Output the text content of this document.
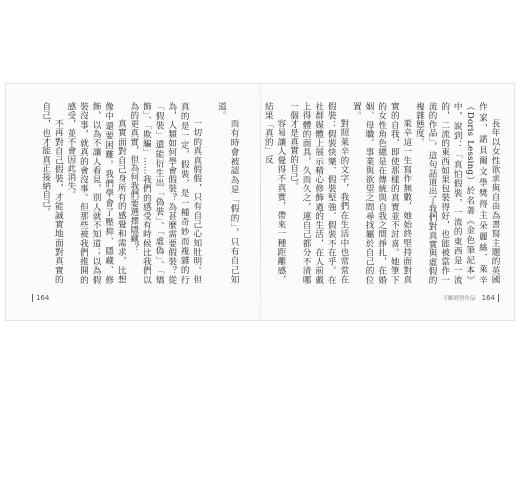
而有時會被認為是「假的」，只有自己知道。

一切的真真假假，只有自己心知肚明。但真的是一定，假裝，是一種奇妙而複雜的行為，人類如何學會假裝？為甚麼需要假裝？從「假裝」還能衍生出「偽裝」、「虛偽」、「矯飾」、「欺騙」……我們的感受有時候比我們以為的更真實，但為何我們要選擇隱藏？

真實面對自己身所有的感覺和需求，比想像中還要困難。我們學會了壓抑、隱藏、修飾，以為不讓人看見，別人就不知道；以為假裝沒事，就真的會沒事。但那些被我們推開的感受，並不會因此消失。

不再對自己假裝，才能誠實地面對真實的自己，也才能真正接納自己。

164

長年以女性欲求與自由為書寫主題的英國作家，諾貝爾文學獎得主朵麗絲．萊辛（Doris Lessing）於名著《金色筆記本》中，說到：「真怕假裝，一流的東西是一流的，二流的東西如果包裝得好，也能被當作一流的作品」，這句話道出了我們對真實與虛假的複雜態度。

萊辛這一生寫作無數，她始終堅持面對真實的自我，即使那樣的真實並不討喜。她筆下的女性角色總是在傳統與自我之間掙扎，在婚姻、母職、事業與欲望之間尋找屬於自己的位置。

對照萊辛的文字，我們在生活中也常常在假裝：假裝快樂、假裝堅強、假裝不在乎。在社群媒體上展示精心修飾過的生活，在人前戴上得體的面具，久而久之，連自己都分不清哪一個才是真實的自己。

容易讓人覺得不真實，帶來一種距離感，結果「真的」反

不斷經營作品 164
